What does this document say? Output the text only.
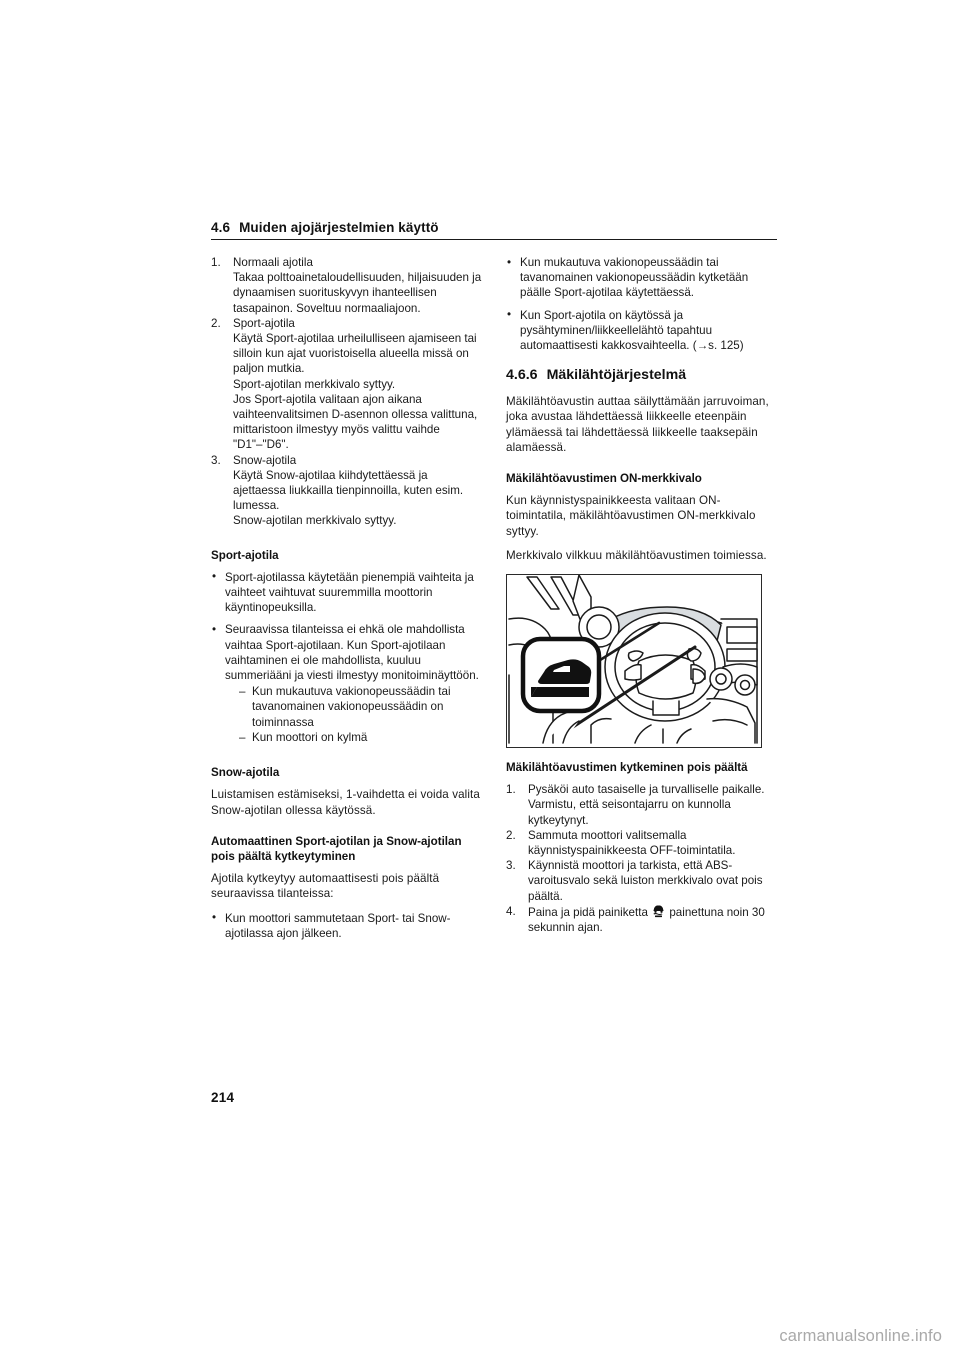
4.6 Muiden ajojärjestelmien käyttö
1. Normaali ajotila
Takaa polttoainetaloudellisuuden, hiljaisuuden ja dynaamisen suorituskyvyn ihanteellisen tasapainon. Soveltuu normaaliajoon.
2. Sport-ajotila
Käytä Sport-ajotilaa urheilulliseen ajamiseen tai silloin kun ajat vuoristoisella alueella missä on paljon mutkia.
Sport-ajotilan merkkivalo syttyy.
Jos Sport-ajotila valitaan ajon aikana vaihteenvalitsimen D-asennon ollessa valittuna, mittaristoon ilmestyy myös valittu vaihde "D1"–"D6".
3. Snow-ajotila
Käytä Snow-ajotilaa kiihdytettäessä ja ajettaessa liukkailla tienpinnoilla, kuten esim. lumessa.
Snow-ajotilan merkkivalo syttyy.
Sport-ajotila
• Sport-ajotilassa käytetään pienempiä vaihteita ja vaihteet vaihtuvat suuremmilla moottorin käyntinopeuksilla.
• Seuraavissa tilanteissa ei ehkä ole mahdollista vaihtaa Sport-ajotilaan. Kun Sport-ajotilaan vaihtaminen ei ole mahdollista, kuuluu summeriääni ja viesti ilmestyy monitoiminäyttöön.
– Kun mukautuva vakionopeussäädin tai tavanomainen vakionopeussäädin on toiminnassa
– Kun moottori on kylmä
Snow-ajotila
Luistamisen estämiseksi, 1-vaihdetta ei voida valita Snow-ajotilan ollessa käytössä.
Automaattinen Sport-ajotilan ja Snow-ajotilan pois päältä kytkeytyminen
Ajotila kytkeytyy automaattisesti pois päältä seuraavissa tilanteissa:
• Kun moottori sammutetaan Sport- tai Snow-ajotilassa ajon jälkeen.
• Kun mukautuva vakionopeussäädin tai tavanomainen vakionopeussäädin kytketään päälle Sport-ajotilaa käytettäessä.
• Kun Sport-ajotila on käytössä ja pysähtyminen/liikkeellelähtö tapahtuu automaattisesti kakkosvaihteella. (→s. 125)
4.6.6 Mäkilähtöjärjestelmä
Mäkilähtöavustin auttaa säilyttämään jarruvoiman, joka avustaa lähdettäessä liikkeelle eteenpäin ylämäessä tai lähdettäessä liikkeelle taaksepäin alamäessä.
Mäkilähtöavustimen ON-merkkivalo
Kun käynnistyspainikkeesta valitaan ON-toimintatila, mäkilähtöavustimen ON-merkkivalo syttyy.
Merkkivalo vilkkuu mäkilähtöavustimen toimiessa.
Mäkilähtöavustimen kytkeminen pois päältä
1. Pysäköi auto tasaiselle ja turvalliselle paikalle.
Varmistu, että seisontajarru on kunnolla kytkeytynyt.
2. Sammuta moottori valitsemalla käynnistyspainikkeesta OFF-toimintatila.
3. Käynnistä moottori ja tarkista, että ABS-varoitusvalo sekä luiston merkkivalo ovat pois päältä.
4. Paina ja pidä painiketta painettuna noin 30 sekunnin ajan.
214
carmanualsonline.info
